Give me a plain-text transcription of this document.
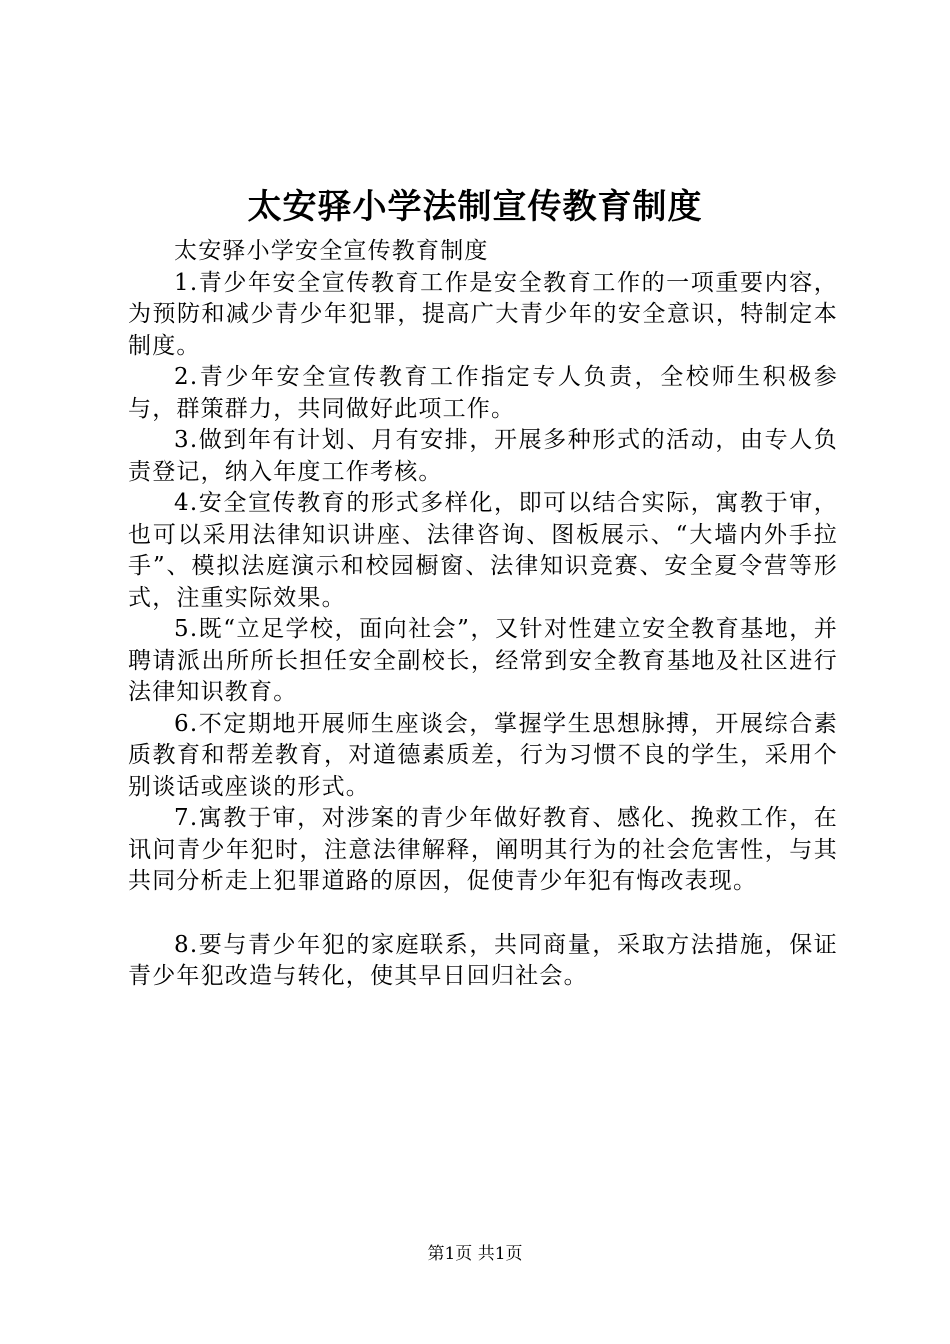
太安驿小学法制宣传教育制度

太安驿小学安全宣传教育制度

1.青少年安全宣传教育工作是安全教育工作的一项重要内容，为预防和减少青少年犯罪，提高广大青少年的安全意识，特制定本制度。

2.青少年安全宣传教育工作指定专人负责，全校师生积极参与，群策群力，共同做好此项工作。

3.做到年有计划、月有安排，开展多种形式的活动，由专人负责登记，纳入年度工作考核。

4.安全宣传教育的形式多样化，即可以结合实际，寓教于审，也可以采用法律知识讲座、法律咨询、图板展示、“大墙内外手拉手”、模拟法庭演示和校园橱窗、法律知识竞赛、安全夏令营等形式，注重实际效果。

5.既“立足学校，面向社会”，又针对性建立安全教育基地，并聘请派出所所长担任安全副校长，经常到安全教育基地及社区进行法律知识教育。

6.不定期地开展师生座谈会，掌握学生思想脉搏，开展综合素质教育和帮差教育，对道德素质差，行为习惯不良的学生，采用个别谈话或座谈的形式。

7.寓教于审，对涉案的青少年做好教育、感化、挽救工作，在讯问青少年犯时，注意法律解释，阐明其行为的社会危害性，与其共同分析走上犯罪道路的原因，促使青少年犯有悔改表现。

8.要与青少年犯的家庭联系，共同商量，采取方法措施，保证青少年犯改造与转化，使其早日回归社会。

第1页 共1页
